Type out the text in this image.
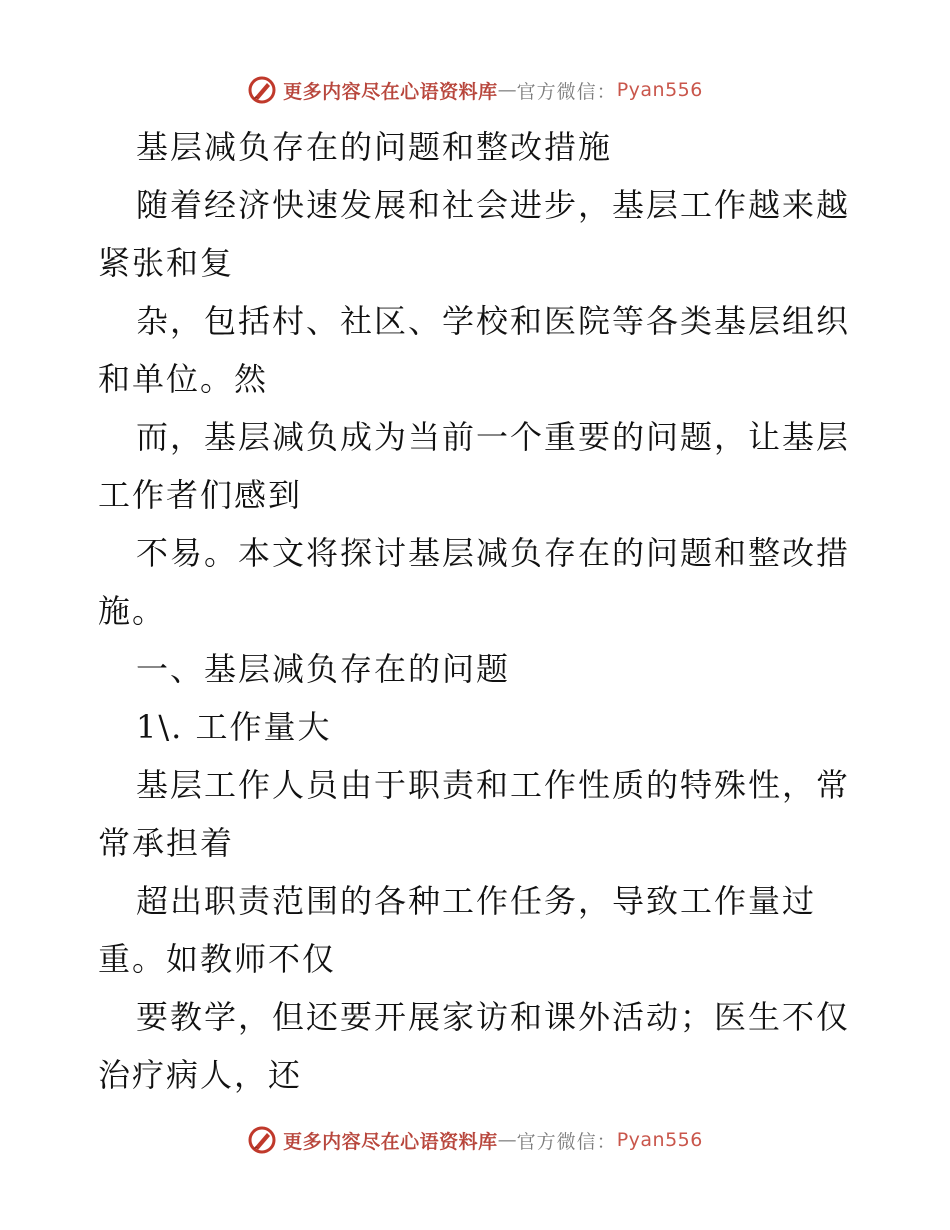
更多内容尽在心语资料库 — 官方微信： Pyan556

基层减负存在的问题和整改措施

随着经济快速发展和社会进步，基层工作越来越紧张和复

杂，包括村、社区、学校和医院等各类基层组织和单位。然

而，基层减负成为当前一个重要的问题，让基层工作者们感到

不易。本文将探讨基层减负存在的问题和整改措施。

一、基层减负存在的问题

1\. 工作量大

基层工作人员由于职责和工作性质的特殊性，常常承担着

超出职责范围的各种工作任务，导致工作量过重。如教师不仅

要教学，但还要开展家访和课外活动；医生不仅治疗病人，还

更多内容尽在心语资料库 — 官方微信： Pyan556
